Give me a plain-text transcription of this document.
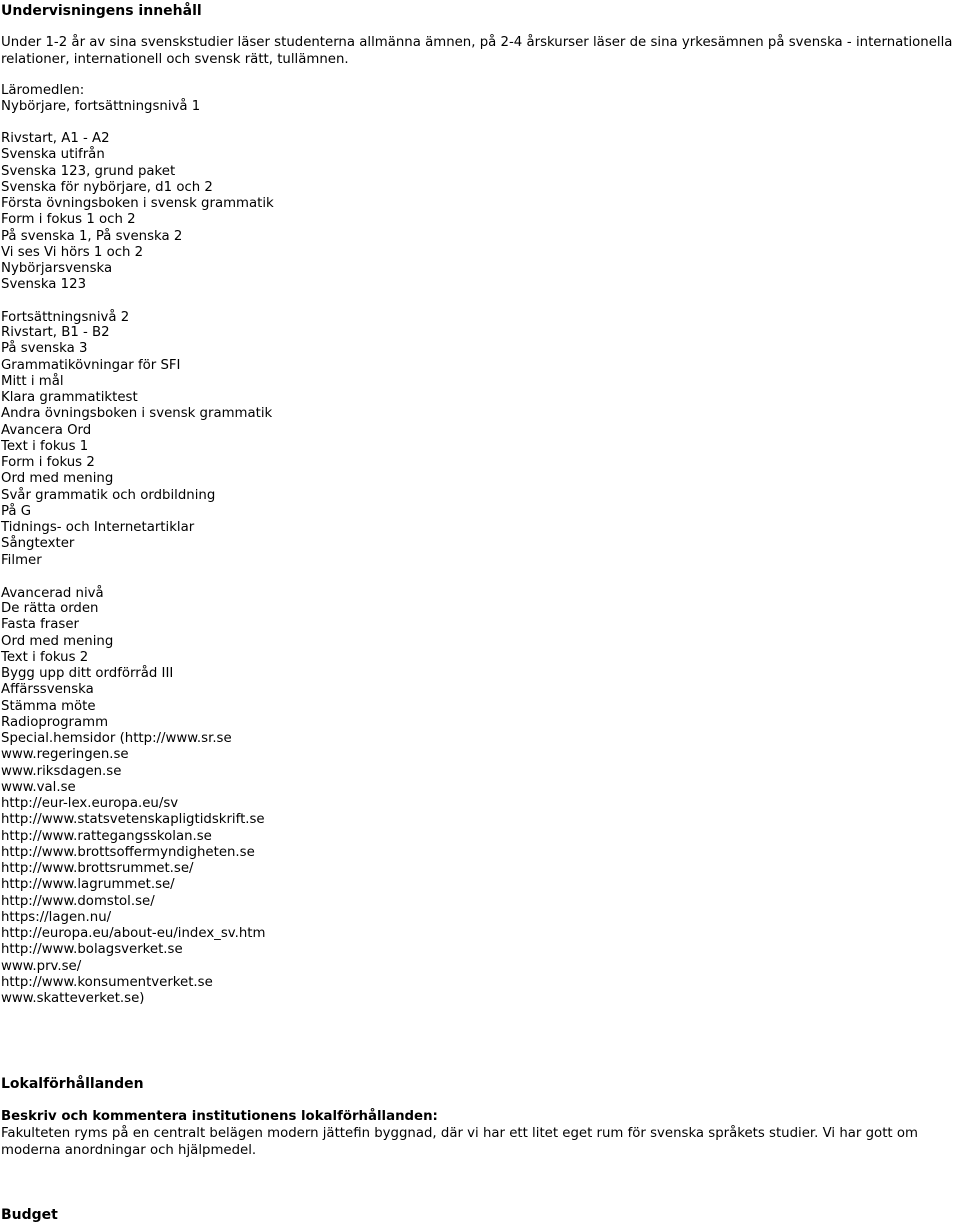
Undervisningens innehåll
Under 1-2 år av sina svenskstudier läser studenterna allmänna ämnen, på 2-4 årskurser läser de sina yrkesämnen på svenska - internationella relationer, internationell och svensk rätt, tullämnen.
Läromedlen:
Nybörjare, fortsättningsnivå 1
Rivstart, A1 - A2
Svenska utifrån
Svenska 123, grund paket
Svenska för nybörjare, d1 och 2
Första övningsboken i svensk grammatik
Form i fokus 1 och 2
På svenska 1, På svenska 2
Vi ses Vi hörs 1 och 2
Nybörjarsvenska
Svenska 123
Fortsättningsnivå 2
Rivstart, B1 - B2
På svenska 3
Grammatikövningar för SFI
Mitt i mål
Klara grammatiktest
Andra övningsboken i svensk grammatik
Avancera Ord
Text i fokus 1
Form i fokus 2
Ord med mening
Svår grammatik och ordbildning
På G
Tidnings- och Internetartiklar
Sångtexter
Filmer
Avancerad nivå
De rätta orden
Fasta fraser
Ord med mening
Text i fokus 2
Bygg upp ditt ordförråd III
Affärssvenska
Stämma möte
Radioprogramm
Special.hemsidor (http://www.sr.se
www.regeringen.se
www.riksdagen.se
www.val.se
http://eur-lex.europa.eu/sv
http://www.statsvetenskapligtidskrift.se
http://www.rattegangsskolan.se
http://www.brottsoffermyndigheten.se
http://www.brottsrummet.se/
http://www.lagrummet.se/
http://www.domstol.se/
https://lagen.nu/
http://europa.eu/about-eu/index_sv.htm
http://www.bolagsverket.se
www.prv.se/
http://www.konsumentverket.se
www.skatteverket.se)
Lokalförhållanden
Beskriv och kommentera institutionens lokalförhållanden:
Fakulteten ryms på en centralt belägen modern jättefin byggnad, där vi har ett litet eget rum för svenska språkets studier. Vi har gott om moderna anordningar och hjälpmedel.
Budget
